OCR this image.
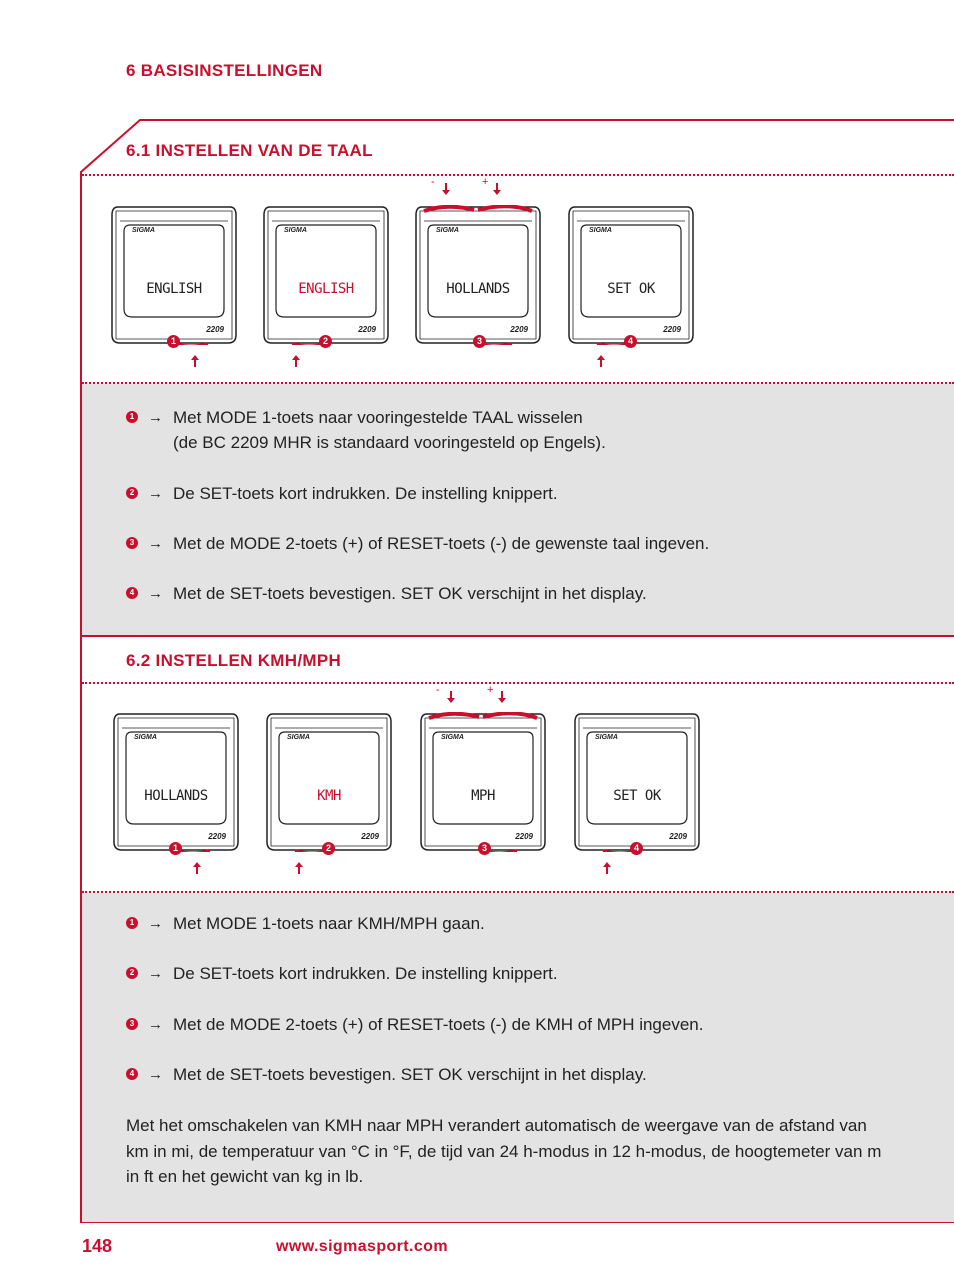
6 BASISINSTELLINGEN
6.1 INSTELLEN VAN DE TAAL
6.2 INSTELLEN KMH/MPH
SIGMA
ENGLISH
2209
1
SIGMA
ENGLISH
2209
2
SIGMA
HOLLANDS
2209
3
-	+
SIGMA
SET OK
2209
4
SIGMA
HOLLANDS
2209
1
SIGMA
KMH
2209
2
SIGMA
MPH
2209
3
-	+
SIGMA
SET OK
2209
4
1 → Met MODE 1-toets naar vooringestelde TAAL wisselen
(de BC 2209 MHR is standaard vooringesteld op Engels).
2 → De SET-toets kort indrukken. De instelling knippert.
3 → Met de MODE 2-toets (+) of RESET-toets (-) de gewenste taal ingeven.
4 → Met de SET-toets bevestigen. SET OK verschijnt in het display.
1 → Met MODE 1-toets naar KMH/MPH gaan.
2 → De SET-toets kort indrukken. De instelling knippert.
3 → Met de MODE 2-toets (+) of RESET-toets (-) de KMH of MPH ingeven.
4 → Met de SET-toets bevestigen. SET OK verschijnt in het display.
Met het omschakelen van KMH naar MPH verandert automatisch de weergave van de afstand van km in mi, de temperatuur van °C in °F, de tijd van 24 h-modus in 12 h-modus, de hoogtemeter van m in ft en het gewicht van kg in lb.
148	www.sigmasport.com
